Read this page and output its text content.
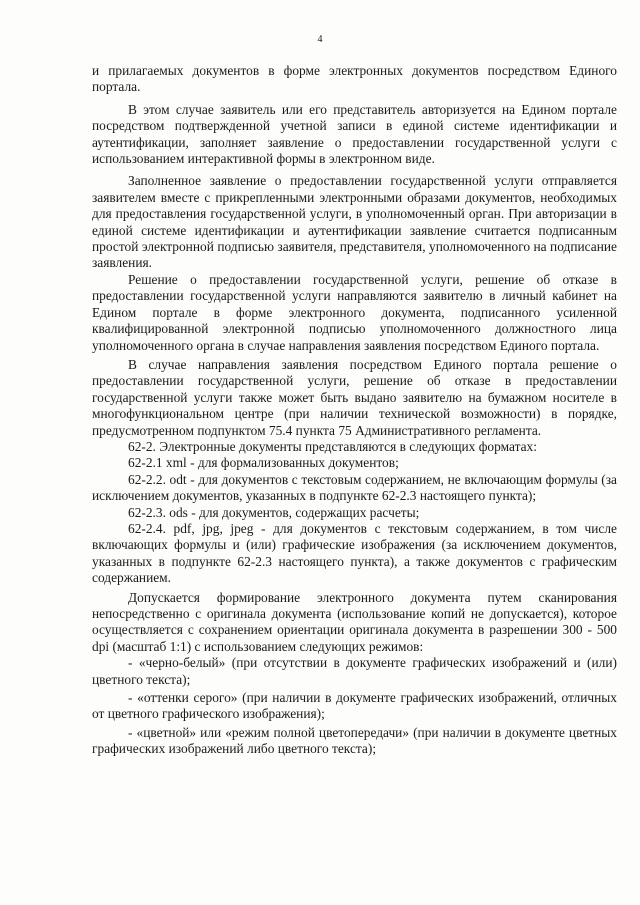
4

и прилагаемых документов в форме электронных документов посредством Единого портала.

В этом случае заявитель или его представитель авторизуется на Едином портале посредством подтвержденной учетной записи в единой системе идентификации и аутентификации, заполняет заявление о предоставлении государственной услуги с использованием интерактивной формы в электронном виде.

Заполненное заявление о предоставлении государственной услуги отправляется заявителем вместе с прикрепленными электронными образами документов, необходимых для предоставления государственной услуги, в уполномоченный орган. При авторизации в единой системе идентификации и аутентификации заявление считается подписанным простой электронной подписью заявителя, представителя, уполномоченного на подписание заявления.

Решение о предоставлении государственной услуги, решение об отказе в предоставлении государственной услуги направляются заявителю в личный кабинет на Едином портале в форме электронного документа, подписанного усиленной квалифицированной электронной подписью уполномоченного должностного лица уполномоченного органа в случае направления заявления посредством Единого портала.

В случае направления заявления посредством Единого портала решение о предоставлении государственной услуги, решение об отказе в предоставлении государственной услуги также может быть выдано заявителю на бумажном носителе в многофункциональном центре (при наличии технической возможности) в порядке, предусмотренном подпунктом 75.4 пункта 75 Административного регламента.

62-2. Электронные документы представляются в следующих форматах:

62-2.1 xml - для формализованных документов;

62-2.2. odt - для документов с текстовым содержанием, не включающим формулы (за исключением документов, указанных в подпункте 62-2.3 настоящего пункта);

62-2.3. ods - для документов, содержащих расчеты;

62-2.4. pdf, jpg, jpeg - для документов с текстовым содержанием, в том числе включающих формулы и (или) графические изображения (за исключением документов, указанных в подпункте 62-2.3 настоящего пункта), а также документов с графическим содержанием.

Допускается формирование электронного документа путем сканирования непосредственно с оригинала документа (использование копий не допускается), которое осуществляется с сохранением ориентации оригинала документа в разрешении 300 - 500 dpi (масштаб 1:1) с использованием следующих режимов:

- «черно-белый» (при отсутствии в документе графических изображений и (или) цветного текста);

- «оттенки серого» (при наличии в документе графических изображений, отличных от цветного графического изображения);

- «цветной» или «режим полной цветопередачи» (при наличии в документе цветных графических изображений либо цветного текста);
